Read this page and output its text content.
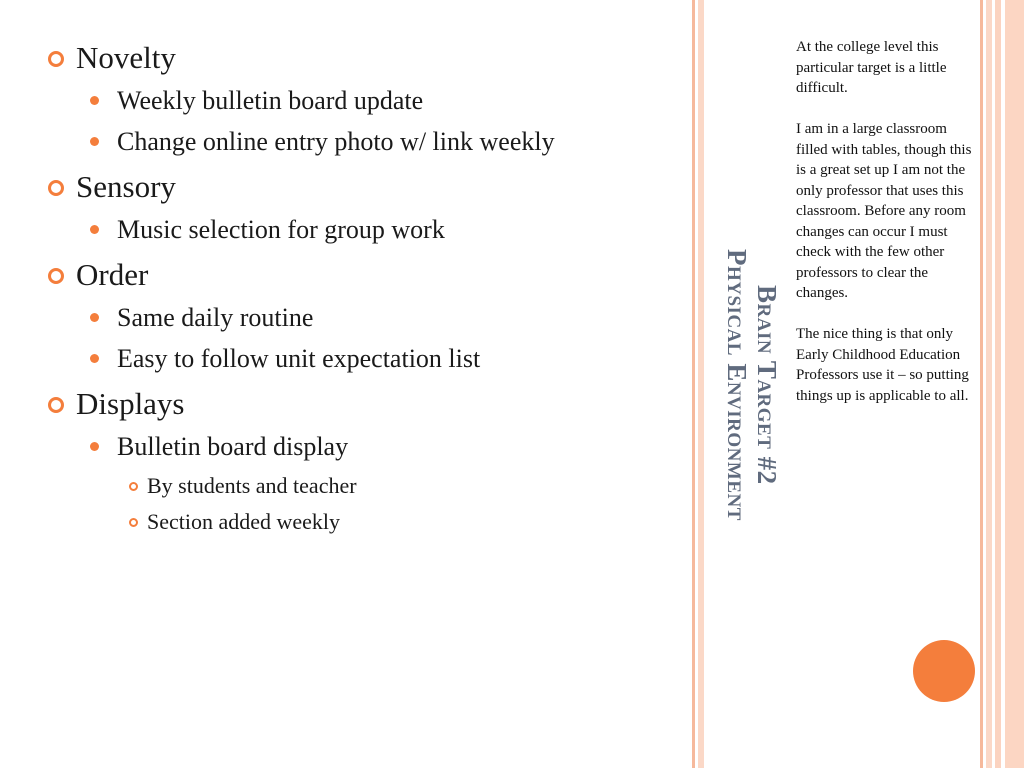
Novelty
Weekly bulletin board update
Change online entry photo w/ link weekly
Sensory
Music selection for group work
Order
Same daily routine
Easy to follow unit expectation list
Displays
Bulletin board display
By students and teacher
Section added weekly
Brain Target #2
Physical Environment

At the college level this particular target is a little difficult.

I am in a large classroom filled with tables, though this is a great set up I am not the only professor that uses this classroom. Before any room changes can occur I must check with the few other professors to clear the changes.

The nice thing is that only Early Childhood Education Professors use it – so putting things up is applicable to all.
